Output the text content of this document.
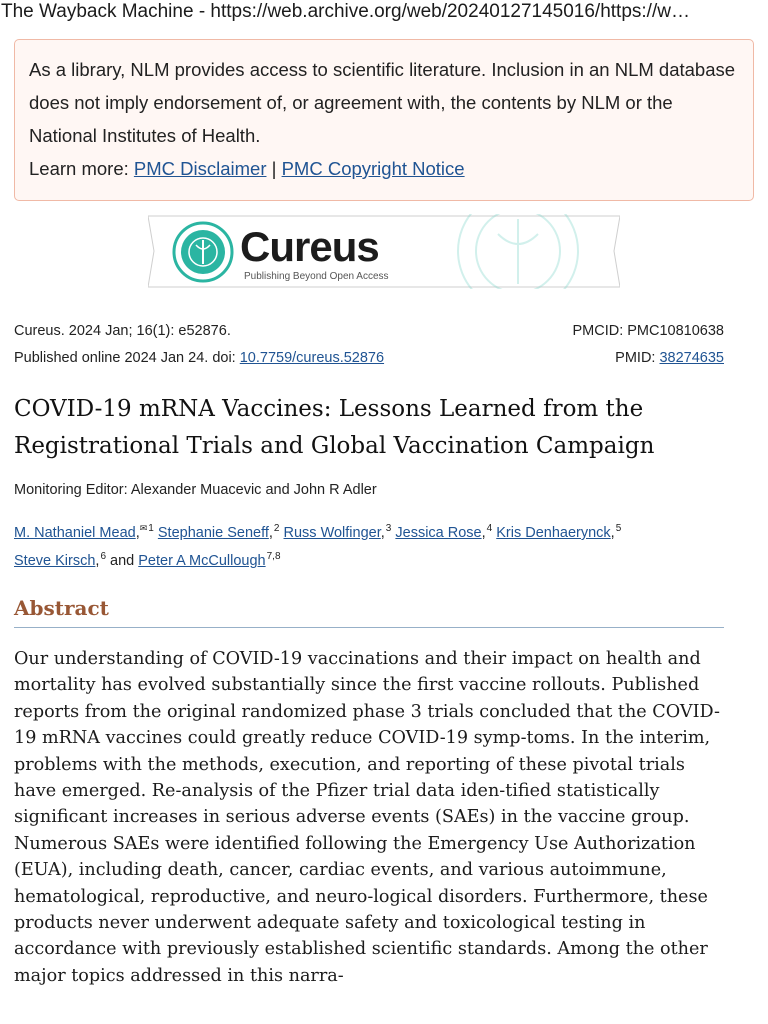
The Wayback Machine - https://web.archive.org/web/20240127145016/https://w…
As a library, NLM provides access to scientific literature. Inclusion in an NLM database does not imply endorsement of, or agreement with, the contents by NLM or the National Institutes of Health.
Learn more: PMC Disclaimer | PMC Copyright Notice
Cureus
Publishing Beyond Open Access
Cureus. 2024 Jan; 16(1): e52876.	PMCID: PMC10810638
Published online 2024 Jan 24. doi: 10.7759/cureus.52876	PMID: 38274635
COVID-19 mRNA Vaccines: Lessons Learned from the Registrational Trials and Global Vaccination Campaign
Monitoring Editor: Alexander Muacevic and John R Adler
M. Nathaniel Mead,$^{✉1}$ Stephanie Seneff,$^2$ Russ Wolfinger,$^3$ Jessica Rose,$^4$ Kris Denhaerynck,$^5$
Steve Kirsch,$^6$ and Peter A McCullough$^{7,8}$
Abstract

Our understanding of COVID-19 vaccinations and their impact on health and mortality has evolved substantially since the first vaccine rollouts. Published reports from the original randomized phase 3 trials concluded that the COVID-19 mRNA vaccines could greatly reduce COVID-19 symp-toms. In the interim, problems with the methods, execution, and reporting of these pivotal trials have emerged. Re-analysis of the Pfizer trial data iden-tified statistically significant increases in serious adverse events (SAEs) in the vaccine group. Numerous SAEs were identified following the Emergency Use Authorization (EUA), including death, cancer, cardiac events, and various autoimmune, hematological, reproductive, and neuro-logical disorders. Furthermore, these products never underwent adequate safety and toxicological testing in accordance with previously established scientific standards. Among the other major topics addressed in this narra-
